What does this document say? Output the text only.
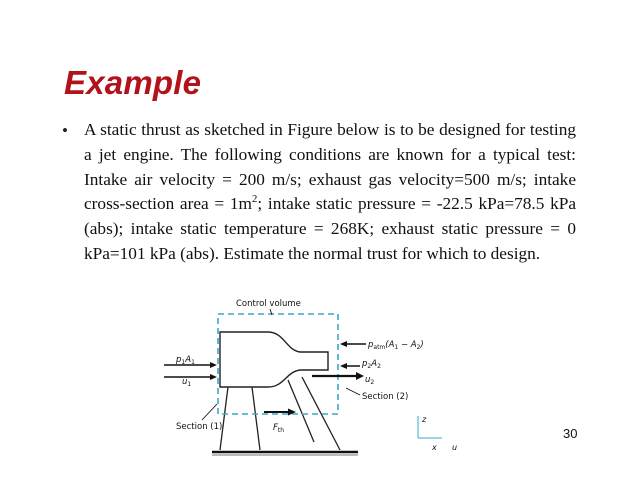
Example
• A static thrust as sketched in Figure below is to be designed for testing a jet engine. The following conditions are known for a typical test: Intake air velocity = 200 m/s; exhaust gas velocity=500 m/s; intake cross-section area = $1m^2$; intake static pressure = -22.5 kPa=78.5 kPa (abs); intake static temperature = 268K; exhaust static pressure = 0 kPa=101 kPa (abs). Estimate the normal trust for which to design.
Control volume
$p_{atm}(A_1 - A_2)$
$p_2A_2$
$u_2$
$p_1A_1$
$u_1$
Section (2)
Section (1)	$F_{th}$
z
x u
30
